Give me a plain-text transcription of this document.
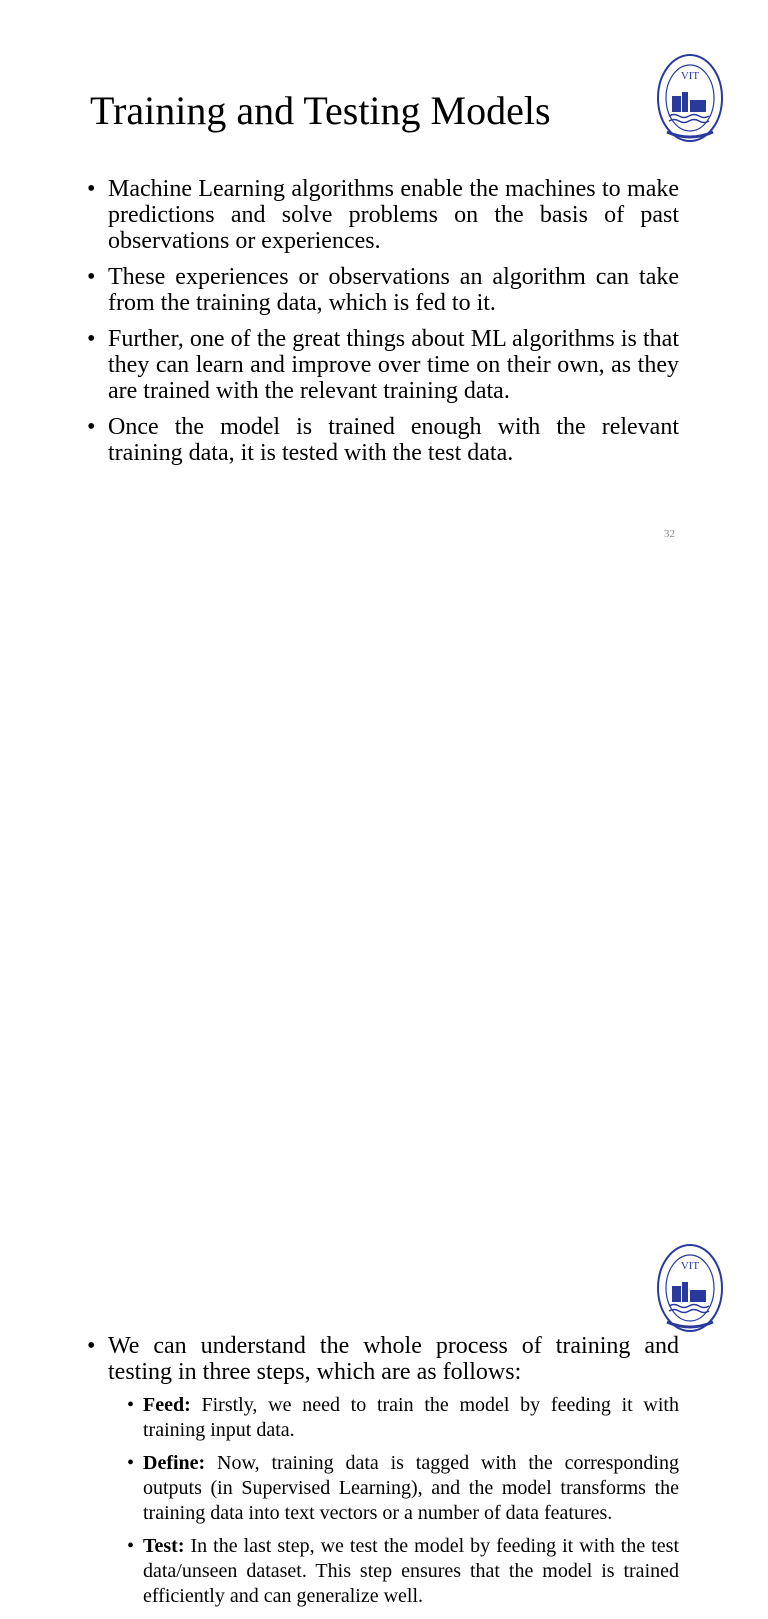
VIT
Training and Testing Models
• Machine Learning algorithms enable the machines to make predictions and solve problems on the basis of past observations or experiences.
• These experiences or observations an algorithm can take from the training data, which is fed to it.
• Further, one of the great things about ML algorithms is that they can learn and improve over time on their own, as they are trained with the relevant training data.
• Once the model is trained enough with the relevant training data, it is tested with the test data.
32
VIT
• We can understand the whole process of training and testing in three steps, which are as follows:
• Feed: Firstly, we need to train the model by feeding it with training input data.
• Define: Now, training data is tagged with the corresponding outputs (in Supervised Learning), and the model transforms the training data into text vectors or a number of data features.
• Test: In the last step, we test the model by feeding it with the test data/unseen dataset. This step ensures that the model is trained efficiently and can generalize well.
